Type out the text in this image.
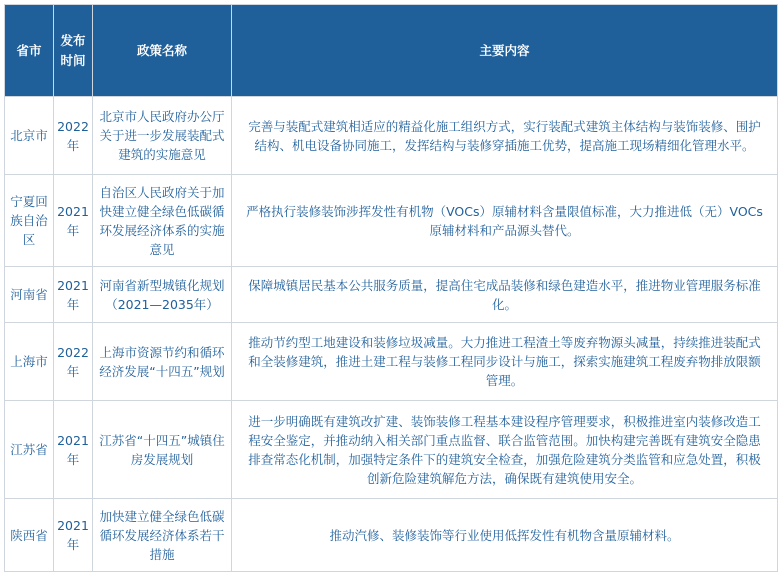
省市	发布时间	政策名称	主要内容
北京市	2022年	北京市人民政府办公厅关于进一步发展装配式建筑的实施意见	完善与装配式建筑相适应的精益化施工组织方式，实行装配式建筑主体结构与装饰装修、围护结构、机电设备协同施工，发挥结构与装修穿插施工优势，提高施工现场精细化管理水平。
宁夏回族自治区	2021年	自治区人民政府关于加快建立健全绿色低碳循环发展经济体系的实施意见	严格执行装修装饰涉挥发性有机物（VOCs）原辅材料含量限值标准，大力推进低（无）VOCs原辅材料和产品源头替代。
河南省	2021年	河南省新型城镇化规划（2021—2035年）	保障城镇居民基本公共服务质量，提高住宅成品装修和绿色建造水平，推进物业管理服务标准化。
上海市	2022年	上海市资源节约和循环经济发展“十四五”规划	推动节约型工地建设和装修垃圾减量。大力推进工程渣土等废弃物源头减量，持续推进装配式和全装修建筑，推进土建工程与装修工程同步设计与施工，探索实施建筑工程废弃物排放限额管理。
江苏省	2021年	江苏省“十四五”城镇住房发展规划	进一步明确既有建筑改扩建、装饰装修工程基本建设程序管理要求，积极推进室内装修改造工程安全鉴定，并推动纳入相关部门重点监督、联合监管范围。加快构建完善既有建筑安全隐患排查常态化机制，加强特定条件下的建筑安全检查，加强危险建筑分类监管和应急处置，积极创新危险建筑解危方法，确保既有建筑使用安全。
陕西省	2021年	加快建立健全绿色低碳循环发展经济体系若干措施	推动汽修、装修装饰等行业使用低挥发性有机物含量原辅材料。
